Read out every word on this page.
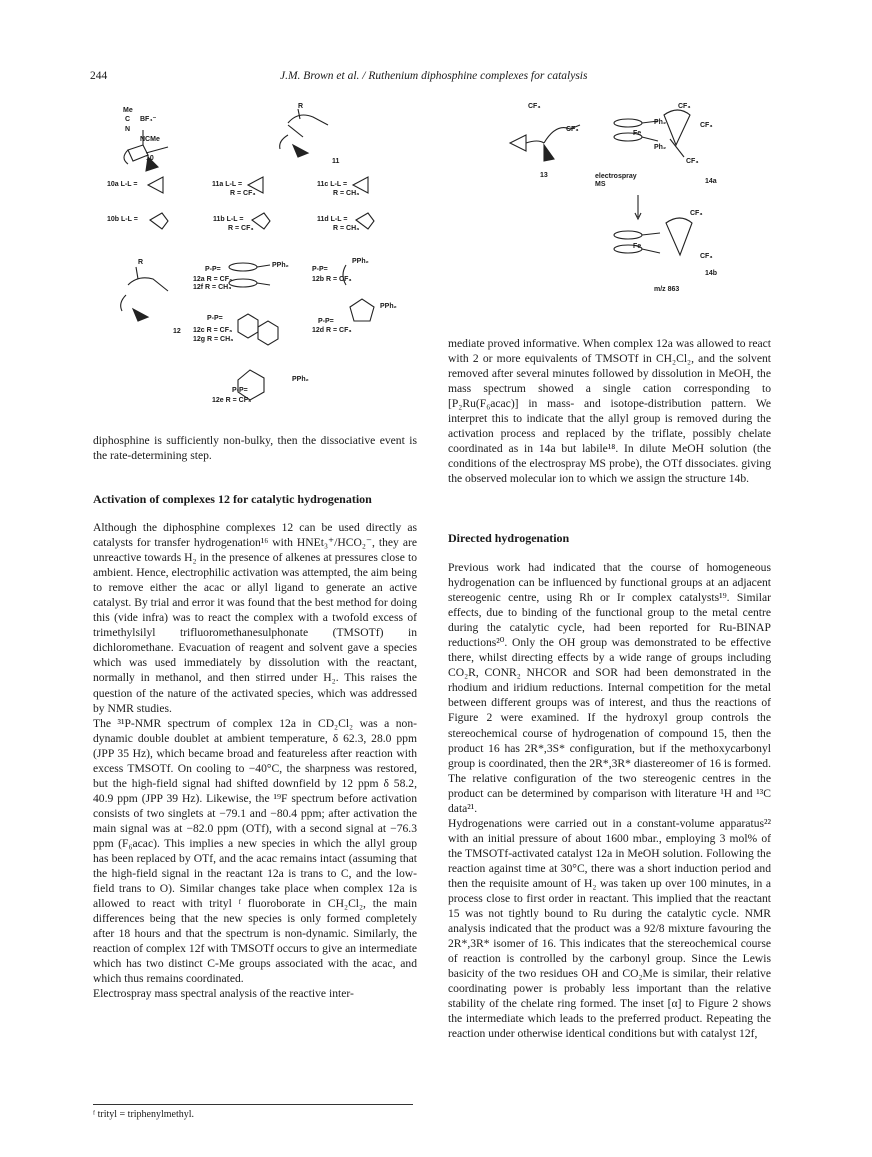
244	J.M. Brown et al. / Ruthenium diphosphine complexes for catalysis
Me
C BF₄⁻
N
NCMe
10
R
11
10a L-L =
10b L-L =
11a L-L =
R = CF₃
11b L-L =
R = CF₃
11c L-L =
R = CH₃
11d L-L =
R = CH₃
R
12
P-P=
12a R = CF₃
12f R = CH₃
PPh₂
P-P=
12b R = CF₃
PPh₂
P-P=
12c R = CF₃
12g R = CH₃
P-P=
12d R = CF₃
PPh₂
P-P=
12e R = CF₃
PPh₂
CF₃
CF₃
13
CF₃
CF₃
CF₃
Fe
Ph₂
Ph₂
14a
electrospray
MS
CF₃
CF₃
Fe
14b
m/z 863

diphosphine is sufficiently non-bulky, then the dissociative event is the rate-determining step.

Activation of complexes 12 for catalytic hydrogenation

Although the diphosphine complexes 12 can be used directly as catalysts for transfer hydrogenation¹⁶ with HNEt₃⁺/HCO₂⁻, they are unreactive towards H₂ in the presence of alkenes at pressures close to ambient. Hence, electrophilic activation was attempted, the aim being to remove either the acac or allyl ligand to generate an active catalyst. By trial and error it was found that the best method for doing this (vide infra) was to react the complex with a twofold excess of trimethylsilyl trifluoromethanesulphonate (TMSOTf) in dichloromethane. Evacuation of reagent and solvent gave a species which was used immediately by dissolution with the reactant, normally in methanol, and then stirred under H₂. This raises the question of the nature of the activated species, which was addressed by NMR studies.

The ³¹P-NMR spectrum of complex 12a in CD₂Cl₂ was a non-dynamic double doublet at ambient temperature, δ 62.3, 28.0 ppm (JPP 35 Hz), which became broad and featureless after reaction with excess TMSOTf. On cooling to −40°C, the sharpness was restored, but the high-field signal had shifted downfield by 12 ppm δ 58.2, 40.9 ppm (JPP 39 Hz). Likewise, the ¹⁹F spectrum before activation consists of two singlets at −79.1 and −80.4 ppm; after activation the main signal was at −82.0 ppm (OTf), with a second signal at −76.3 ppm (F₆acac). This implies a new species in which the allyl group has been replaced by OTf, and the acac remains intact (assuming that the high-field signal in the reactant 12a is trans to C, and the low-field trans to O). Similar changes take place when complex 12a is allowed to react with trityl ᶠ fluoroborate in CH₂Cl₂, the main differences being that the new species is only formed completely after 18 hours and that the spectrum is non-dynamic. Similarly, the reaction of complex 12f with TMSOTf occurs to give an intermediate which has two distinct C-Me groups associated with the acac, and which thus remains coordinated.

Electrospray mass spectral analysis of the reactive inter-

ᶠ trityl = triphenylmethyl.

mediate proved informative. When complex 12a was allowed to react with 2 or more equivalents of TMSOTf in CH₂Cl₂, and the solvent removed after several minutes followed by dissolution in MeOH, the mass spectrum showed a single cation corresponding to [P₂Ru(F₆acac)] in mass- and isotope-distribution pattern. We interpret this to indicate that the allyl group is removed during the activation process and replaced by the triflate, possibly chelate coordinated as in 14a but labile¹⁸. In dilute MeOH solution (the conditions of the electrospray MS probe), the OTf dissociates. giving the observed molecular ion to which we assign the structure 14b.

Directed hydrogenation

Previous work had indicated that the course of homogeneous hydrogenation can be influenced by functional groups at an adjacent stereogenic centre, using Rh or Ir complex catalysts¹⁹. Similar effects, due to binding of the functional group to the metal centre during the catalytic cycle, had been reported for Ru-BINAP reductions²⁰. Only the OH group was demonstrated to be effective there, whilst directing effects by a wide range of groups including CO₂R, CONR₂ NHCOR and SOR had been demonstrated in the rhodium and iridium reductions. Internal competition for the metal between different groups was of interest, and thus the reactions of Figure 2 were examined. If the hydroxyl group controls the stereochemical course of hydrogenation of compound 15, then the product 16 has 2R*,3S* configuration, but if the methoxycarbonyl group is coordinated, then the 2R*,3R* diastereomer of 16 is formed. The relative configuration of the two stereogenic centres in the product can be determined by comparison with literature ¹H and ¹³C data²¹.

Hydrogenations were carried out in a constant-volume apparatus²² with an initial pressure of about 1600 mbar., employing 3 mol% of the TMSOTf-activated catalyst 12a in MeOH solution. Following the reaction against time at 30°C, there was a short induction period and then the requisite amount of H₂ was taken up over 100 minutes, in a process close to first order in reactant. This implied that the reactant 15 was not tightly bound to Ru during the catalytic cycle. NMR analysis indicated that the product was a 92/8 mixture favouring the 2R*,3R* isomer of 16. This indicates that the stereochemical course of reaction is controlled by the carbonyl group. Since the Lewis basicity of the two residues OH and CO₂Me is similar, their relative coordinating power is probably less important than the relative stability of the chelate ring formed. The inset [α] to Figure 2 shows the intermediate which leads to the preferred product. Repeating the reaction under otherwise identical conditions but with catalyst 12f,
